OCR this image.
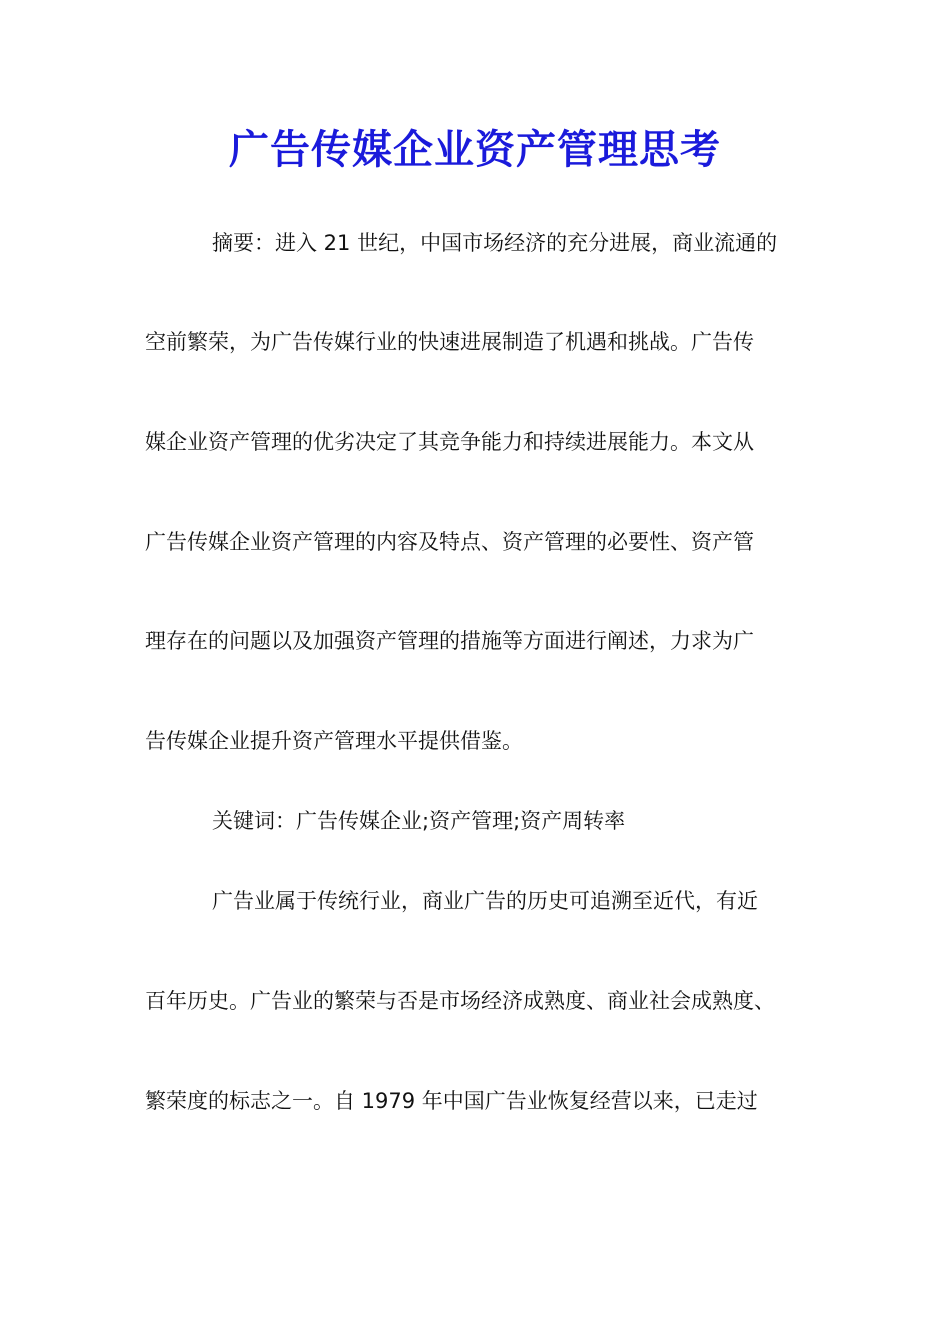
广告传媒企业资产管理思考
摘要：进入 21 世纪，中国市场经济的充分进展，商业流通的
空前繁荣，为广告传媒行业的快速进展制造了机遇和挑战。广告传
媒企业资产管理的优劣决定了其竞争能力和持续进展能力。本文从
广告传媒企业资产管理的内容及特点、资产管理的必要性、资产管
理存在的问题以及加强资产管理的措施等方面进行阐述，力求为广
告传媒企业提升资产管理水平提供借鉴。
关键词：广告传媒企业;资产管理;资产周转率
广告业属于传统行业，商业广告的历史可追溯至近代，有近
百年历史。广告业的繁荣与否是市场经济成熟度、商业社会成熟度、
繁荣度的标志之一。自 1979 年中国广告业恢复经营以来，已走过
